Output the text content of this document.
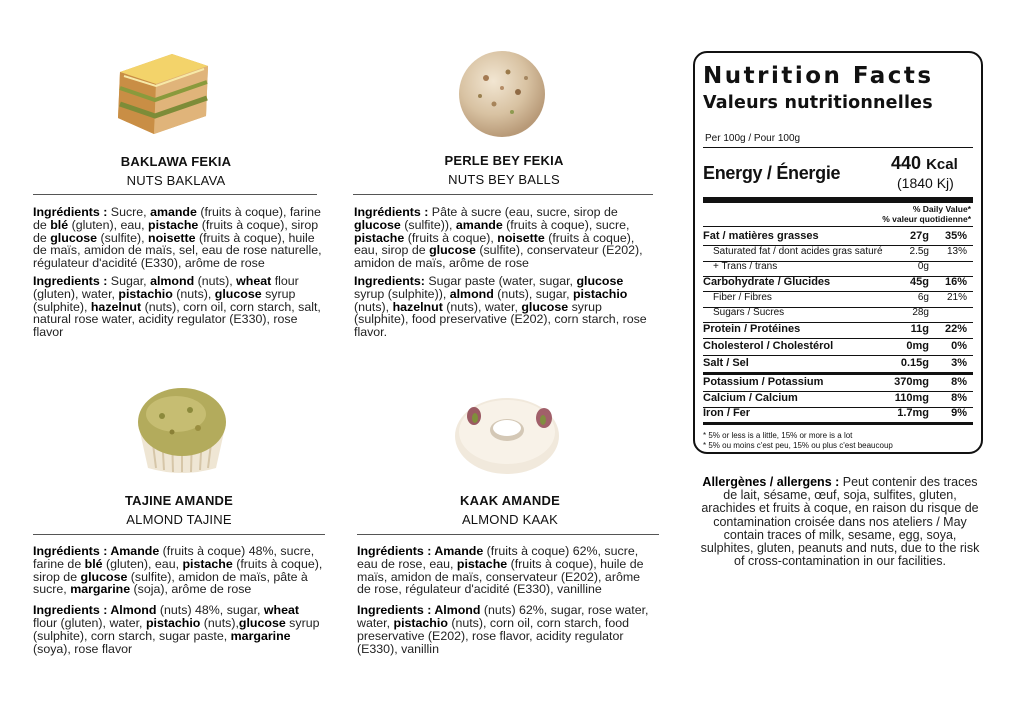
BAKLAWA FEKIA
NUTS BAKLAVA

Ingrédients : Sucre, amande (fruits à coque), farine de blé (gluten), eau, pistache (fruits à coque), sirop de glucose (sulfite), noisette (fruits à coque), huile de maïs, amidon de maïs, sel, eau de rose naturelle, régulateur d'acidité (E330), arôme de rose

Ingredients : Sugar, almond (nuts), wheat flour (gluten), water, pistachio (nuts), glucose syrup (sulphite), hazelnut (nuts), corn oil, corn starch, salt, natural rose water, acidity regulator (E330), rose flavor

PERLE BEY FEKIA
NUTS BEY BALLS

Ingrédients : Pâte à sucre (eau, sucre, sirop de glucose (sulfite)), amande (fruits à coque), sucre, pistache (fruits à coque), noisette (fruits à coque), eau, sirop de glucose (sulfite), conservateur (E202), amidon de maïs, arôme de rose

Ingredients: Sugar paste (water, sugar, glucose syrup (sulphite)), almond (nuts), sugar, pistachio (nuts), hazelnut (nuts), water, glucose syrup (sulphite), food preservative (E202), corn starch, rose flavor.

TAJINE AMANDE
ALMOND TAJINE

Ingrédients : Amande (fruits à coque) 48%, sucre, farine de blé (gluten), eau, pistache (fruits à coque), sirop de glucose (sulfite), amidon de maïs, pâte à sucre, margarine (soja), arôme de rose

Ingredients : Almond (nuts) 48%, sugar, wheat flour (gluten), water, pistachio (nuts),glucose syrup (sulphite), corn starch, sugar paste, margarine (soya), rose flavor

KAAK AMANDE
ALMOND KAAK

Ingrédients : Amande (fruits à coque) 62%, sucre, eau de rose, eau, pistache (fruits à coque), huile de maïs, amidon de maïs, conservateur (E202), arôme de rose, régulateur d'acidité (E330), vanilline

Ingredients : Almond (nuts) 62%, sugar, rose water, water, pistachio (nuts), corn oil, corn starch, food preservative (E202), rose flavor, acidity regulator (E330), vanillin

Nutrition Facts
Valeurs nutritionnelles
Per 100g / Pour 100g
Energy / Énergie	440 Kcal
(1840 Kj)
% Daily Value*
% valeur quotidienne*
Fat / matières grasses	27g 35%
Saturated fat / dont acides gras saturé	2.5g 13%
+ Trans / trans	0g
Carbohydrate / Glucides	45g 16%
Fiber / Fibres	6g 21%
Sugars / Sucres	28g
Protein / Protéines	11g 22%
Cholesterol / Cholestérol	0mg 0%
Salt / Sel	0.15g 3%
Potassium / Potassium	370mg 8%
Calcium / Calcium	110mg 8%
Iron / Fer	1.7mg 9%
* 5% or less is a little, 15% or more is a lot
* 5% ou moins c'est peu, 15% ou plus c'est beaucoup
Allergènes / allergens : Peut contenir des traces de lait, sésame, œuf, soja, sulfites, gluten, arachides et fruits à coque, en raison du risque de contamination croisée dans nos ateliers / May contain traces of milk, sesame, egg, soya, sulphites, gluten, peanuts and nuts, due to the risk of cross-contamination in our facilities.
